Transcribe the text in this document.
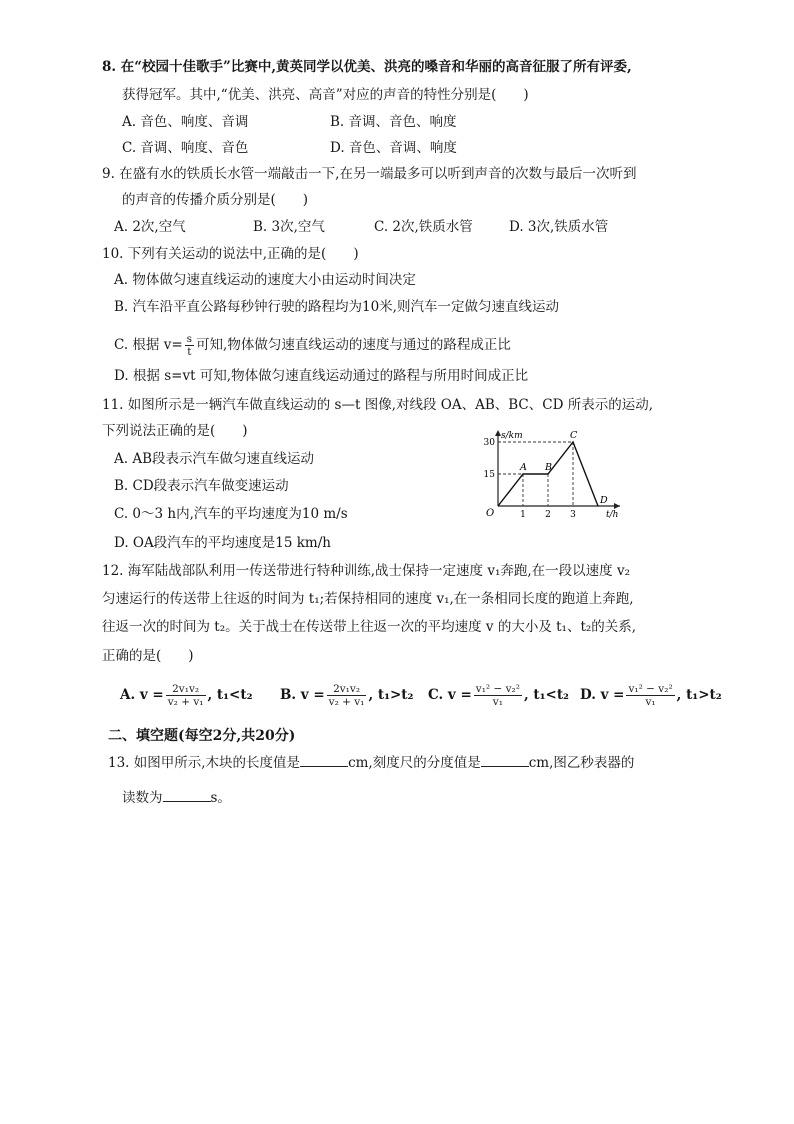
8. 在“校园十佳歌手”比赛中,黄英同学以优美、洪亮的嗓音和华丽的高音征服了所有评委,
获得冠军。其中,“优美、洪亮、高音”对应的声音的特性分别是(　　)
A. 音色、响度、音调	B. 音调、音色、响度
C. 音调、响度、音色	D. 音色、音调、响度
9. 在盛有水的铁质长水管一端敲击一下,在另一端最多可以听到声音的次数与最后一次听到
的声音的传播介质分别是(　　)
A. 2次,空气	B. 3次,空气	C. 2次,铁质水管	D. 3次,铁质水管
10. 下列有关运动的说法中,正确的是(　　)
A. 物体做匀速直线运动的速度大小由运动时间决定
B. 汽车沿平直公路每秒钟行驶的路程均为10米,则汽车一定做匀速直线运动
C. 根据 $v= \frac{s}{t}$ 可知,物体做匀速直线运动的速度与通过的路程成正比
D. 根据 s=vt 可知,物体做匀速直线运动通过的路程与所用时间成正比
11. 如图所示是一辆汽车做直线运动的 s—t 图像,对线段 OA、AB、BC、CD 所表示的运动,
下列说法正确的是(　　)
A. AB段表示汽车做匀速直线运动
B. CD段表示汽车做变速运动
C. 0～3 h内,汽车的平均速度为10 m/s
D. OA段汽车的平均速度是15 km/h
s/km
t/h
O
15
30
1 2 3
A B
C
D
12. 海军陆战部队利用一传送带进行特种训练,战士保持一定速度 v₁奔跑,在一段以速度 v₂
匀速运行的传送带上往返的时间为 t₁;若保持相同的速度 v₁,在一条相同长度的跑道上奔跑,
往返一次的时间为 t₂。关于战士在传送带上往返一次的平均速度 v 的大小及 t₁、t₂的关系,
正确的是(　　)
A. $v = \frac{\text{2v₁v₂}}{\text{v₂ + v₁}}$ , t₁<t₂ B. $v = \frac{\text{2v₁v₂}}{\text{v₂ + v₁}}$ , t₁>t₂ C. $v = \frac{\text{v₁² − v₂²}}{\text{v₁}}$ , t₁<t₂ D. $v = \frac{\text{v₁² − v₂²}}{\text{v₁}}$ , t₁>t₂
二、填空题(每空2分,共20分)
13. 如图甲所示,木块的长度值是	cm,刻度尺的分度值是	cm,图乙秒表器的
读数为	s。
